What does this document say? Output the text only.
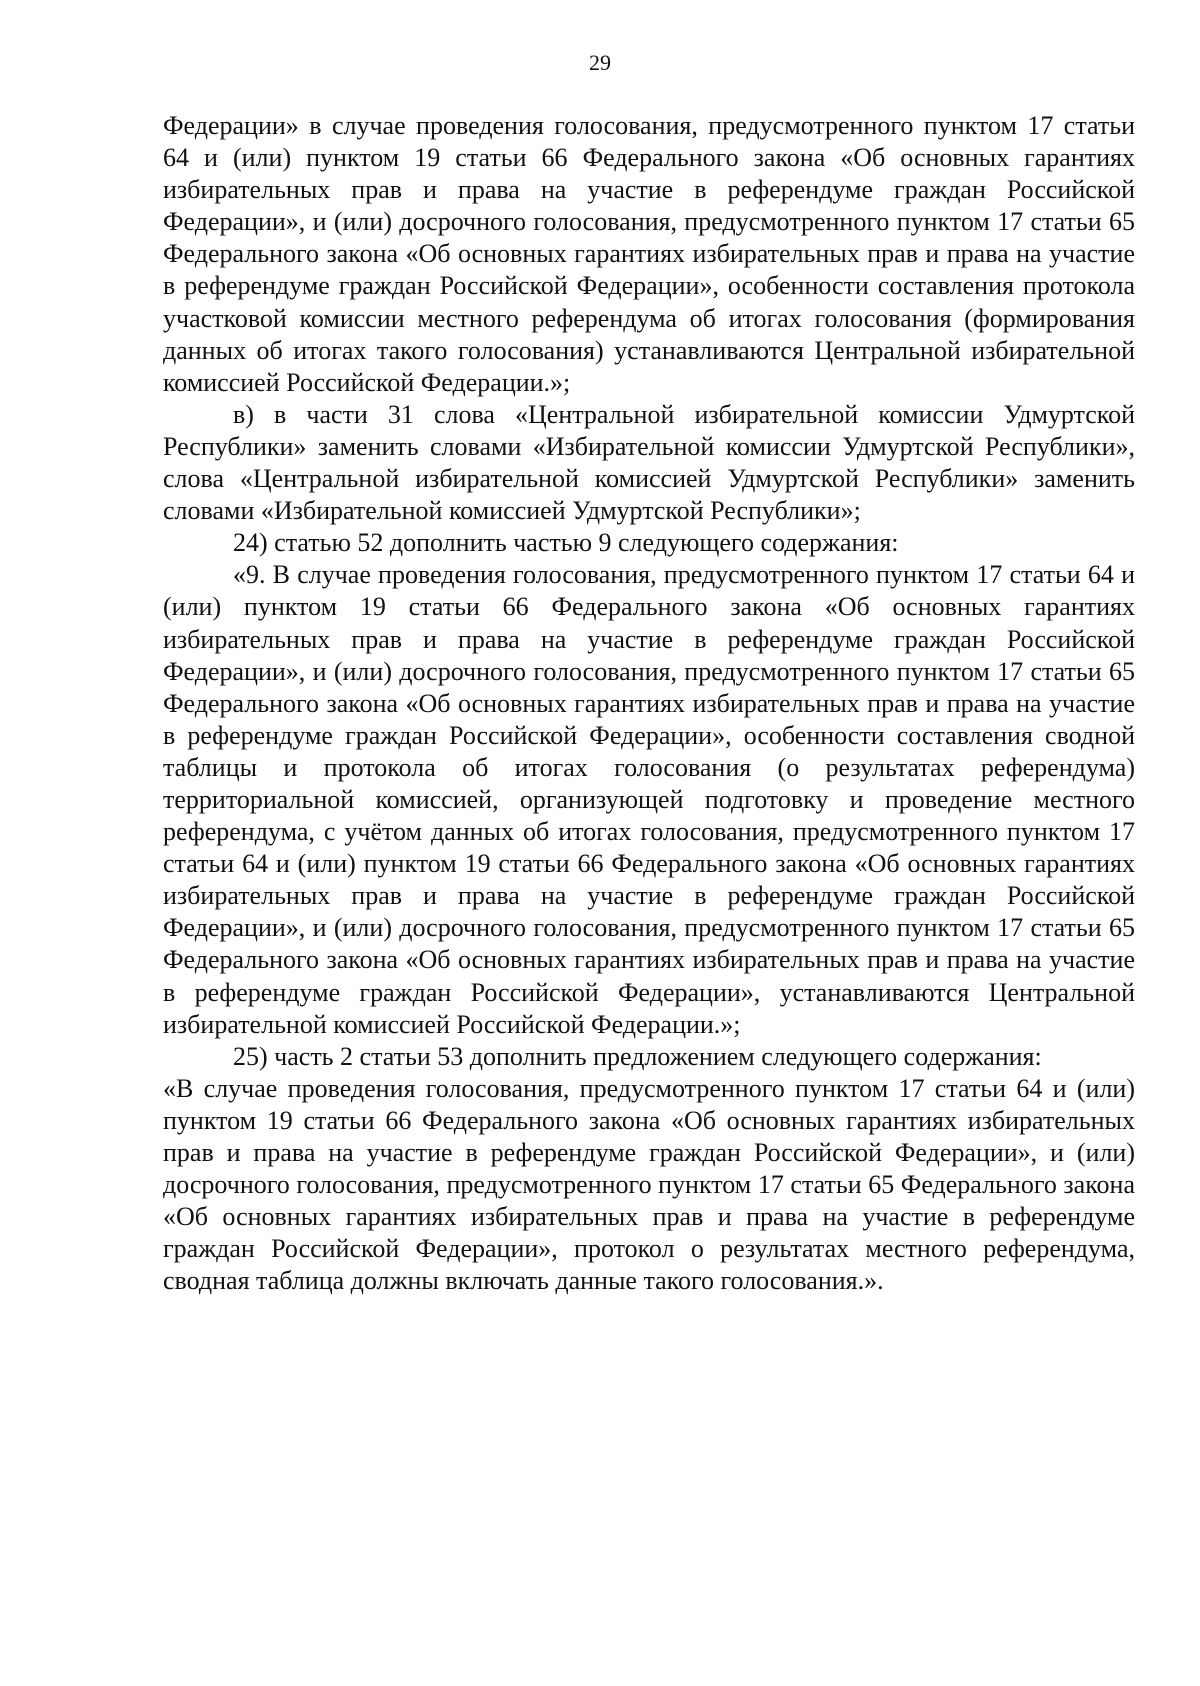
29

Федерации» в случае проведения голосования, предусмотренного пунктом 17 статьи 64 и (или) пунктом 19 статьи 66 Федерального закона «Об основных гарантиях избирательных прав и права на участие в референдуме граждан Российской Федерации», и (или) досрочного голосования, предусмотренного пунктом 17 статьи 65 Федерального закона «Об основных гарантиях избирательных прав и права на участие в референдуме граждан Российской Федерации», особенности составления протокола участковой комиссии местного референдума об итогах голосования (формирования данных об итогах такого голосования) устанавливаются Центральной избирательной комиссией Российской Федерации.»;

в) в части 31 слова «Центральной избирательной комиссии Удмуртской Республики» заменить словами «Избирательной комиссии Удмуртской Республики», слова «Центральной избирательной комиссией Удмуртской Республики» заменить словами «Избирательной комиссией Удмуртской Республики»;

24) статью 52 дополнить частью 9 следующего содержания:

«9. В случае проведения голосования, предусмотренного пунктом 17 статьи 64 и (или) пунктом 19 статьи 66 Федерального закона «Об основных гарантиях избирательных прав и права на участие в референдуме граждан Российской Федерации», и (или) досрочного голосования, предусмотренного пунктом 17 статьи 65 Федерального закона «Об основных гарантиях избирательных прав и права на участие в референдуме граждан Российской Федерации», особенности составления сводной таблицы и протокола об итогах голосования (о результатах референдума) территориальной комиссией, организующей подготовку и проведение местного референдума, с учётом данных об итогах голосования, предусмотренного пунктом 17 статьи 64 и (или) пунктом 19 статьи 66 Федерального закона «Об основных гарантиях избирательных прав и права на участие в референдуме граждан Российской Федерации», и (или) досрочного голосования, предусмотренного пунктом 17 статьи 65 Федерального закона «Об основных гарантиях избирательных прав и права на участие в референдуме граждан Российской Федерации», устанавливаются Центральной избирательной комиссией Российской Федерации.»;

25) часть 2 статьи 53 дополнить предложением следующего содержания:

«В случае проведения голосования, предусмотренного пунктом 17 статьи 64 и (или) пунктом 19 статьи 66 Федерального закона «Об основных гарантиях избирательных прав и права на участие в референдуме граждан Российской Федерации», и (или) досрочного голосования, предусмотренного пунктом 17 статьи 65 Федерального закона «Об основных гарантиях избирательных прав и права на участие в референдуме граждан Российской Федерации», протокол о результатах местного референдума, сводная таблица должны включать данные такого голосования.».
